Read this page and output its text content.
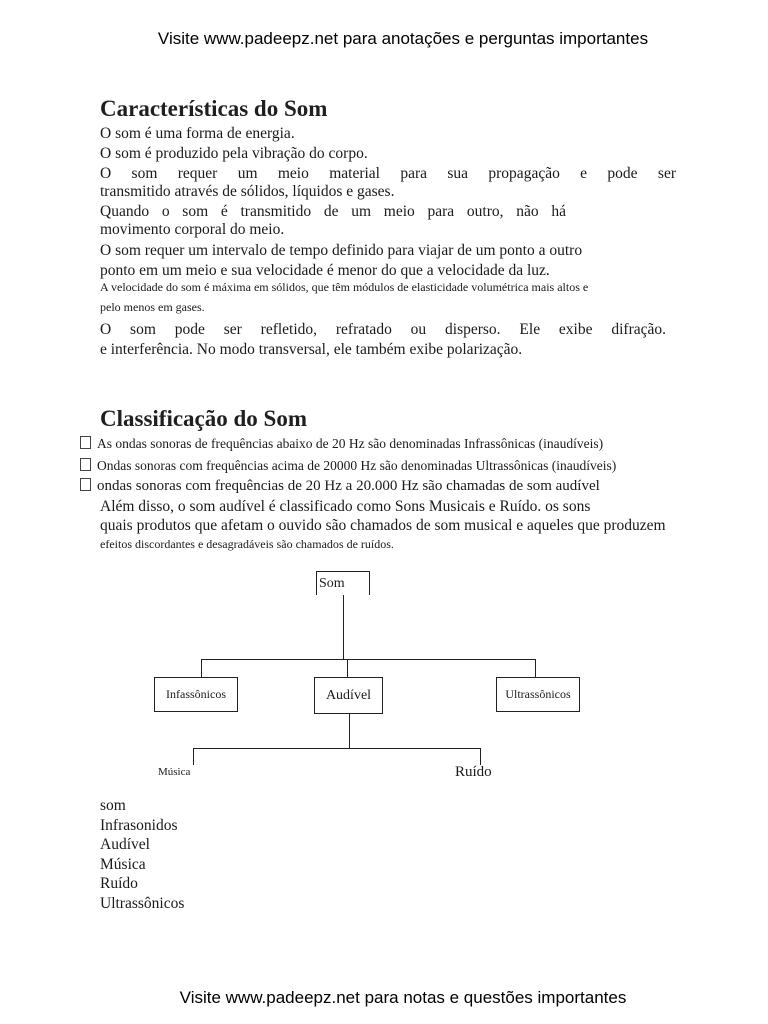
Visite www.padeepz.net para anotações e perguntas importantes
Características do Som
O som é uma forma de energia.
O som é produzido pela vibração do corpo.
O som requer um meio material para sua propagação e pode ser
transmitido através de sólidos, líquidos e gases.
Quando o som é transmitido de um meio para outro, não há
movimento corporal do meio.
O som requer um intervalo de tempo definido para viajar de um ponto a outro
ponto em um meio e sua velocidade é menor do que a velocidade da luz.
A velocidade do som é máxima em sólidos, que têm módulos de elasticidade volumétrica mais altos e
pelo menos em gases.
O som pode ser refletido, refratado ou disperso. Ele exibe difração.
e interferência. No modo transversal, ele também exibe polarização.
Classificação do Som
As ondas sonoras de frequências abaixo de 20 Hz são denominadas Infrassônicas (inaudíveis)
Ondas sonoras com frequências acima de 20000 Hz são denominadas Ultrassônicas (inaudíveis)
ondas sonoras com frequências de 20 Hz a 20.000 Hz são chamadas de som audível
Além disso, o som audível é classificado como Sons Musicais e Ruído. os sons
quais produtos que afetam o ouvido são chamados de som musical e aqueles que produzem
efeitos discordantes e desagradáveis são chamados de ruídos.
Som
Infassônicos	Audível	Ultrassônicos
Música	Ruído
som
Infrasonidos
Audível
Música
Ruído
Ultrassônicos
Visite www.padeepz.net para notas e questões importantes
